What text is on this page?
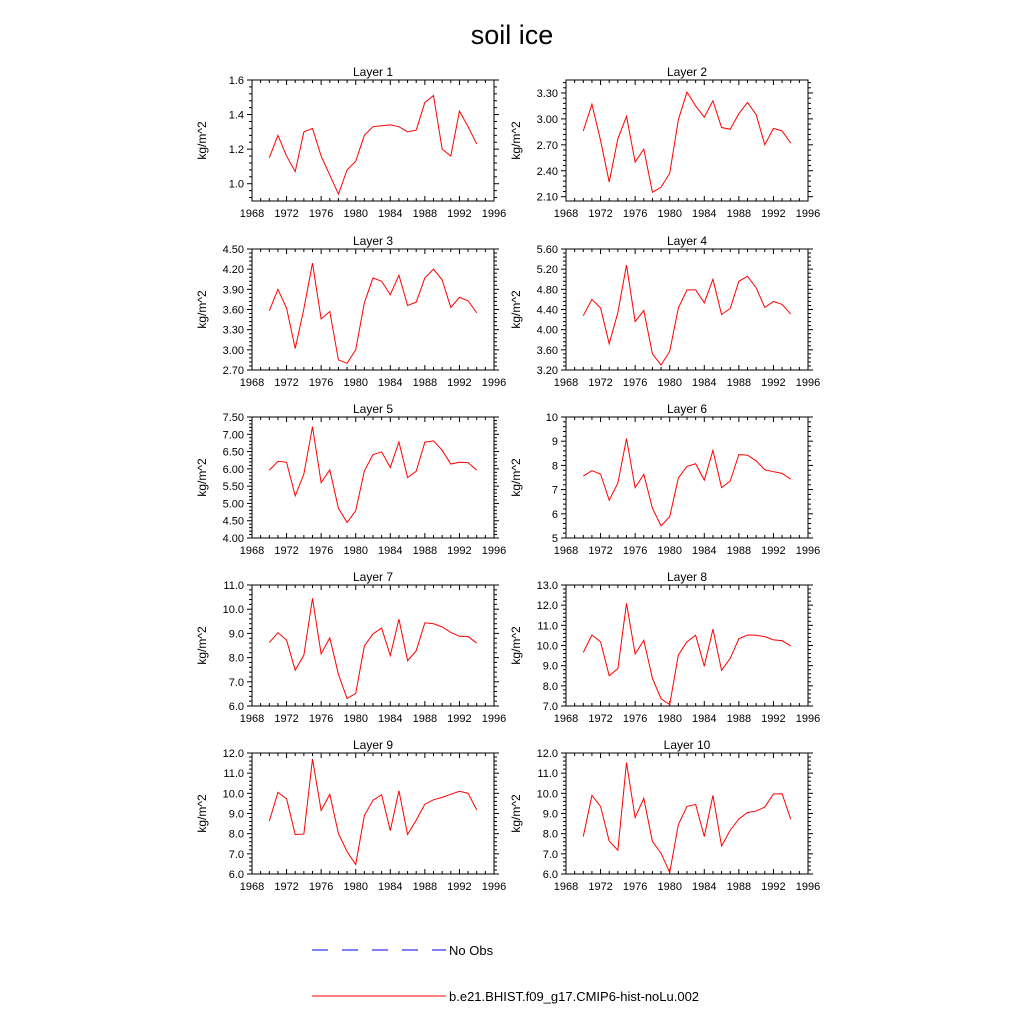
soil ice
Layer 1
1968 1972 1976 1980 1984 1988 1992 1996
1.0
1.2
1.4
1.6
kg/m^2
Layer 2
1968 1972 1976 1980 1984 1988 1992 1996
2.10
2.40
2.70
3.00
3.30
kg/m^2
Layer 3
1968 1972 1976 1980 1984 1988 1992 1996
2.70
3.00
3.30
3.60
3.90
4.20
4.50
kg/m^2
Layer 4
1968 1972 1976 1980 1984 1988 1992 1996
3.20
3.60
4.00
4.40
4.80
5.20
5.60
kg/m^2
Layer 5
1968 1972 1976 1980 1984 1988 1992 1996
4.00
4.50
5.00
5.50
6.00
6.50
7.00
7.50
kg/m^2
Layer 6
1968 1972 1976 1980 1984 1988 1992 1996
5
6
7
8
9
10
kg/m^2
Layer 7
1968 1972 1976 1980 1984 1988 1992 1996
6.0
7.0
8.0
9.0
10.0
11.0
kg/m^2
Layer 8
1968 1972 1976 1980 1984 1988 1992 1996
7.0
8.0
9.0
10.0
11.0
12.0
13.0
kg/m^2
Layer 9
1968 1972 1976 1980 1984 1988 1992 1996
6.0
7.0
8.0
9.0
10.0
11.0
12.0
kg/m^2
Layer 10
1968 1972 1976 1980 1984 1988 1992 1996
6.0
7.0
8.0
9.0
10.0
11.0
12.0
kg/m^2
No Obs
b.e21.BHIST.f09_g17.CMIP6-hist-noLu.002
